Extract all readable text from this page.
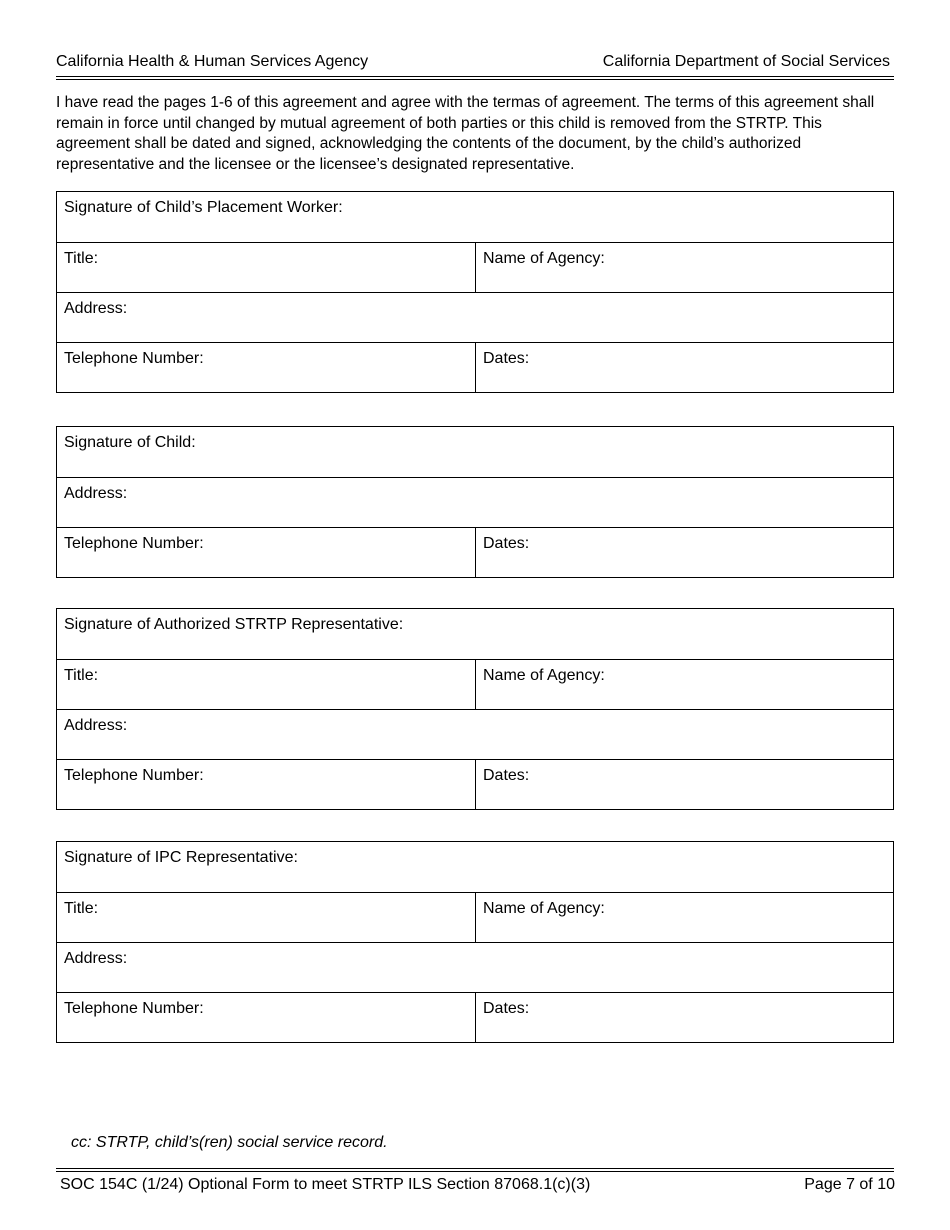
California Health & Human Services Agency	California Department of Social Services
I have read the pages 1-6 of this agreement and agree with the termas of agreement. The terms of this agreement shall remain in force until changed by mutual agreement of both parties or this child is removed from the STRTP. This agreement shall be dated and signed, acknowledging the contents of the document, by the child’s authorized representative and the licensee or the licensee’s designated representative.
Signature of Child’s Placement Worker:
Title:	Name of Agency:
Address:
Telephone Number:	Dates:
Signature of Child:
Address:
Telephone Number:	Dates:
Signature of Authorized STRTP Representative:
Title:	Name of Agency:
Address:
Telephone Number:	Dates:
Signature of IPC Representative:
Title:	Name of Agency:
Address:
Telephone Number:	Dates:
cc: STRTP, child’s(ren) social service record.
SOC 154C (1/24) Optional Form to meet STRTP ILS Section 87068.1(c)(3)	Page 7 of 10
